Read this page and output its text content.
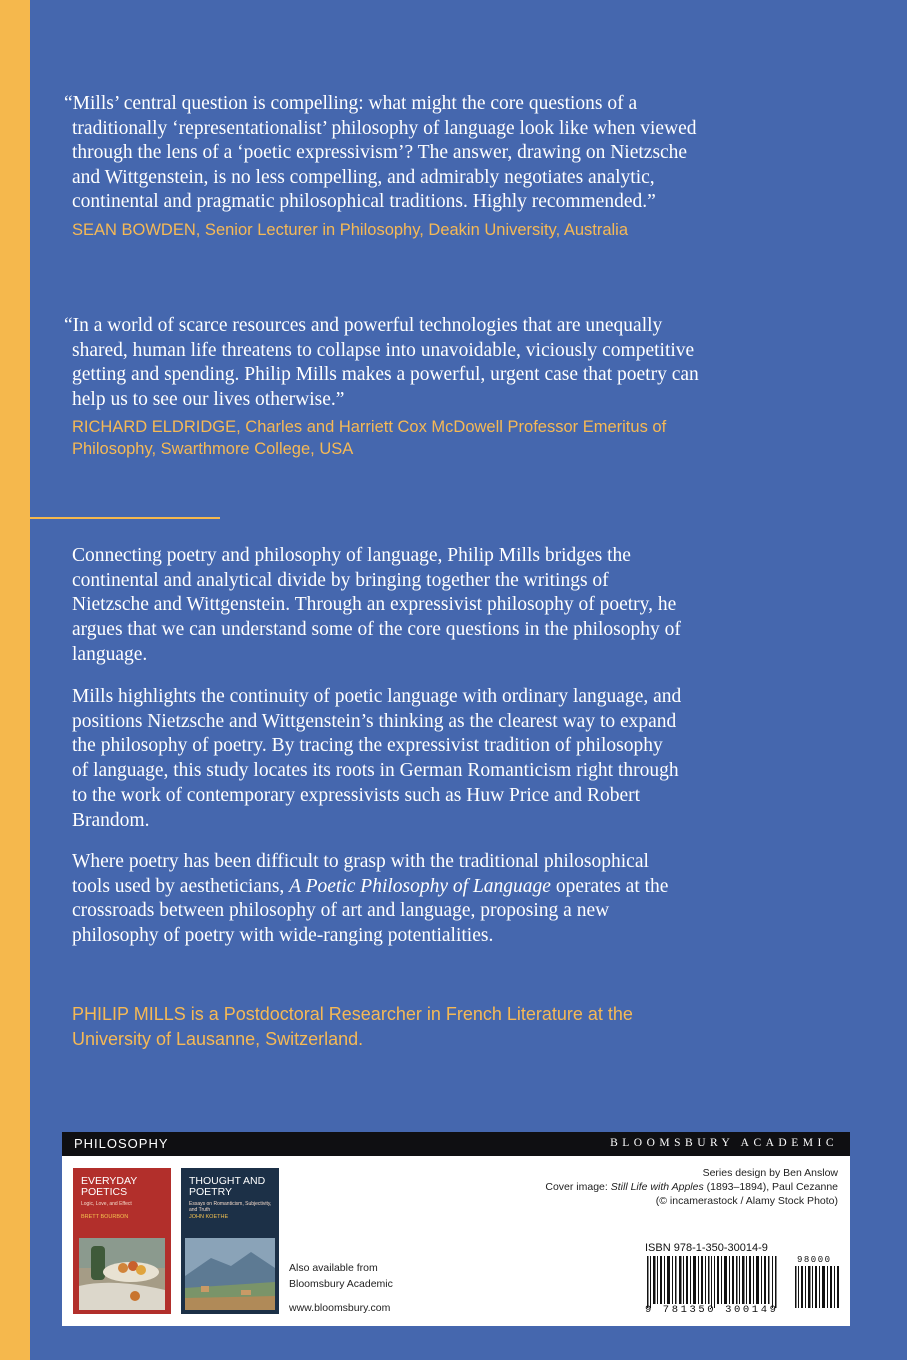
“Mills’ central question is compelling: what might the core questions of a traditionally ‘representationalist’ philosophy of language look like when viewed through the lens of a ‘poetic expressivism’? The answer, drawing on Nietzsche and Wittgenstein, is no less compelling, and admirably negotiates analytic, continental and pragmatic philosophical traditions. Highly recommended.”
SEAN BOWDEN, Senior Lecturer in Philosophy, Deakin University, Australia
“In a world of scarce resources and powerful technologies that are unequally shared, human life threatens to collapse into unavoidable, viciously competitive getting and spending. Philip Mills makes a powerful, urgent case that poetry can help us to see our lives otherwise.”
RICHARD ELDRIDGE, Charles and Harriett Cox McDowell Professor Emeritus of Philosophy, Swarthmore College, USA
Connecting poetry and philosophy of language, Philip Mills bridges the continental and analytical divide by bringing together the writings of Nietzsche and Wittgenstein. Through an expressivist philosophy of poetry, he argues that we can understand some of the core questions in the philosophy of language.
Mills highlights the continuity of poetic language with ordinary language, and positions Nietzsche and Wittgenstein’s thinking as the clearest way to expand the philosophy of poetry. By tracing the expressivist tradition of philosophy of language, this study locates its roots in German Romanticism right through to the work of contemporary expressivists such as Huw Price and Robert Brandom.
Where poetry has been difficult to grasp with the traditional philosophical tools used by aestheticians, A Poetic Philosophy of Language operates at the crossroads between philosophy of art and language, proposing a new philosophy of poetry with wide-ranging potentialities.
PHILIP MILLS is a Postdoctoral Researcher in French Literature at the University of Lausanne, Switzerland.
PHILOSOPHY	BLOOMSBURY ACADEMIC
EVERYDAY POETICS
Logic, Love, and Effect
BRETT BOURBON
THOUGHT AND POETRY
Essays on Romanticism, Subjectivity, and Truth
JOHN KOETHE
Also available from
Bloomsbury Academic
www.bloomsbury.com
Series design by Ben Anslow
Cover image: Still Life with Apples (1893–1894), Paul Cezanne
(© incamerastock / Alamy Stock Photo)
ISBN 978-1-350-30014-9
98000
9 781350 300149
